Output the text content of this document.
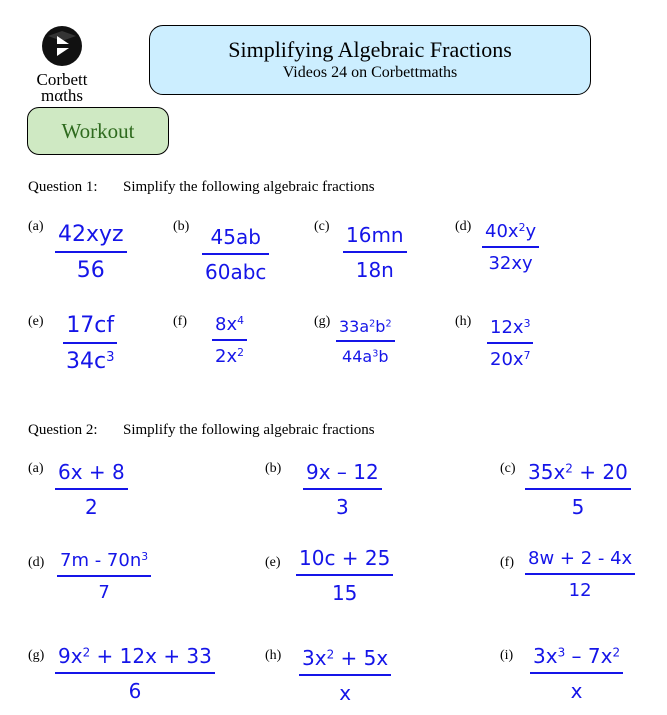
Corbett
mαths
Simplifying Algebraic Fractions
Videos 24 on Corbettmaths
Workout
Question 1: Simplify the following algebraic fractions
(a) 42xyz
56
(b) 45ab
60abc
(c) 16mn
18n
(d) $40x^2y$
32xy
(e) 17cf
$34c^3$
(f) $8x^4$
$2x^2$
(g) $33a^2b^2$
$44a^3b$
(h) $12x^3$
$20x^7$
Question 2: Simplify the following algebraic fractions
(a) 6x + 8
2
(b) 9x – 12
3
(c) $35x^2 + 20$
5
(d) $7m - 70n^3$
7
(e) 10c + 25
15
(f) 8w + 2 - 4x
12
(g) $9x^2 + 12x + 33$
6
(h) $3x^2 + 5x$
x
(i) $3x^3 - 7x^2$
x
